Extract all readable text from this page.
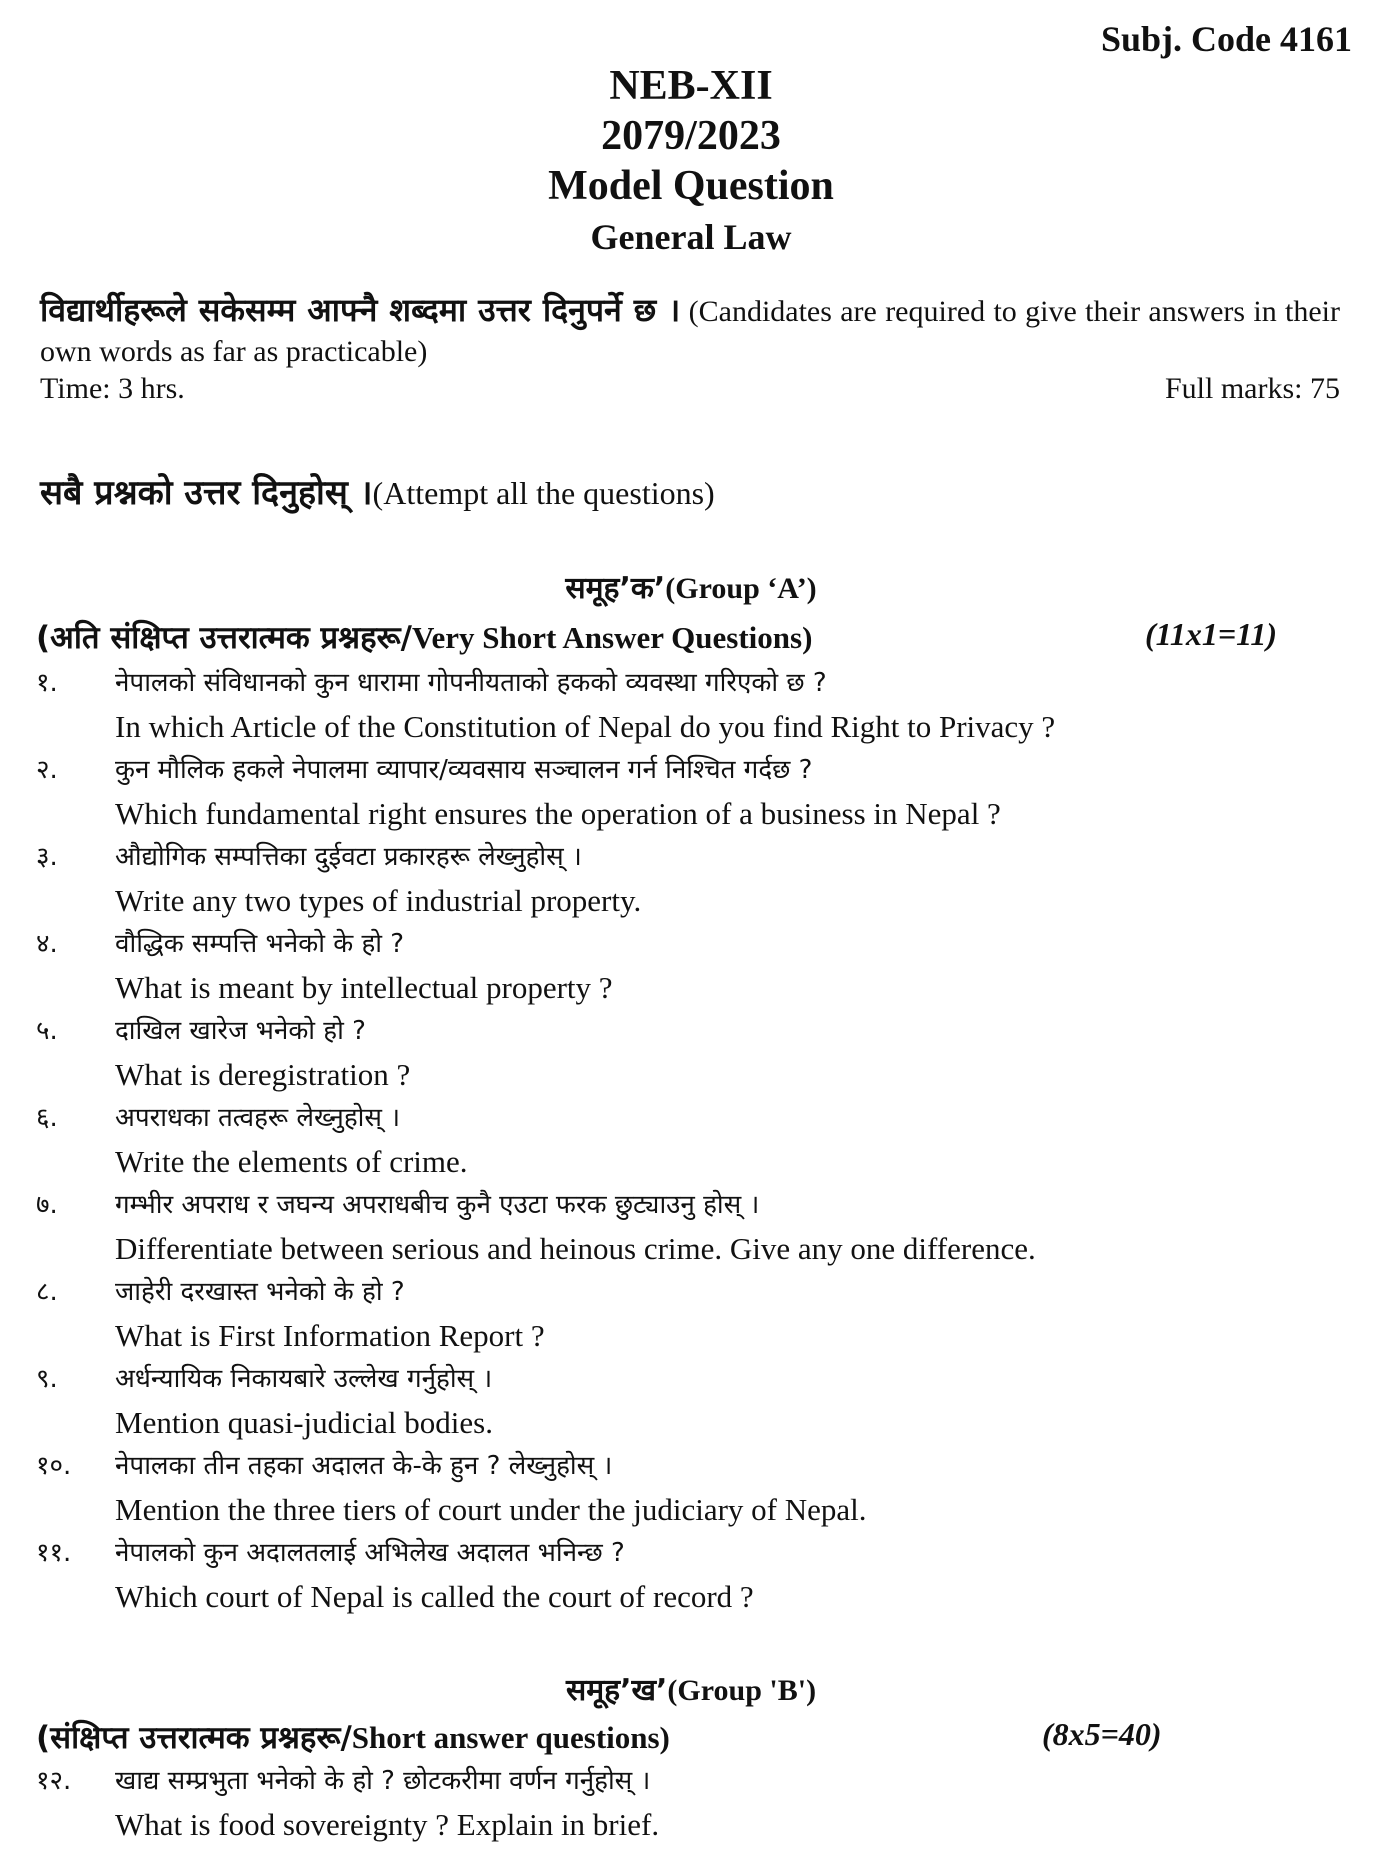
Subj. Code 4161
NEB-XII
2079/2023
Model Question
General Law
विद्यार्थीहरूले सकेसम्म आफ्नै शब्दमा उत्तर दिनुपर्ने छ । (Candidates are required to give their answers in their own words as far as practicable)
Time: 3 hrs.	Full marks: 75
सबै प्रश्नको उत्तर दिनुहोस् ।(Attempt all the questions)
समूह’क’(Group ‘A’)
(अति संक्षिप्त उत्तरात्मक प्रश्नहरू/Very Short Answer Questions)	(11x1=11)
१.	नेपालको संविधानको कुन धारामा गोपनीयताको हकको व्यवस्था गरिएको छ ?
In which Article of the Constitution of Nepal do you find Right to Privacy ?
२.	कुन मौलिक हकले नेपालमा व्यापार/व्यवसाय सञ्चालन गर्न निश्चित गर्दछ ?
Which fundamental right ensures the operation of a business in Nepal ?
३.	औद्योगिक सम्पत्तिका दुईवटा प्रकारहरू लेख्नुहोस् ।
Write any two types of industrial property.
४.	वौद्धिक सम्पत्ति भनेको के हो ?
What is meant by intellectual property ?
५.	दाखिल खारेज भनेको हो ?
What is deregistration ?
६.	अपराधका तत्वहरू लेख्नुहोस् ।
Write the elements of crime.
७.	गम्भीर अपराध र जघन्य अपराधबीच कुनै एउटा फरक छुट्याउनु होस् ।
Differentiate between serious and heinous crime. Give any one difference.
८.	जाहेरी दरखास्त भनेको के हो ?
What is First Information Report ?
९.	अर्धन्यायिक निकायबारे उल्लेख गर्नुहोस् ।
Mention quasi-judicial bodies.
१०.	नेपालका तीन तहका अदालत के-के हुन ? लेख्नुहोस् ।
Mention the three tiers of court under the judiciary of Nepal.
११.	नेपालको कुन अदालतलाई अभिलेख अदालत भनिन्छ ?
Which court of Nepal is called the court of record ?
समूह’ख’(Group 'B')
(संक्षिप्त उत्तरात्मक प्रश्नहरू/Short answer questions)	(8x5=40)
१२.	खाद्य सम्प्रभुता भनेको के हो ? छोटकरीमा वर्णन गर्नुहोस् ।
What is food sovereignty ? Explain in brief.
